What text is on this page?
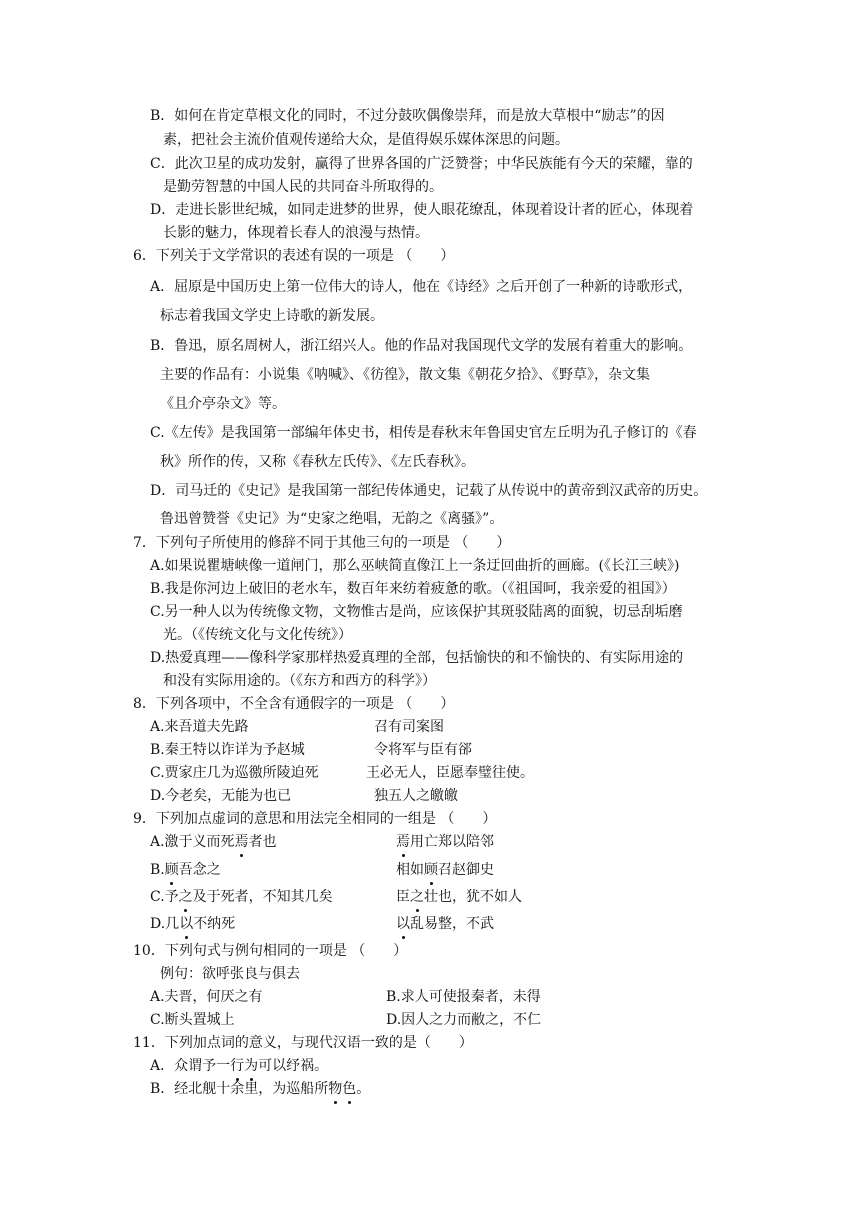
B．如何在肯定草根文化的同时，不过分鼓吹偶像崇拜，而是放大草根中“励志”的因
素，把社会主流价值观传递给大众，是值得娱乐媒体深思的问题。
C．此次卫星的成功发射，赢得了世界各国的广泛赞誉；中华民族能有今天的荣耀，靠的
是勤劳智慧的中国人民的共同奋斗所取得的。
D．走进长影世纪城，如同走进梦的世界，使人眼花缭乱，体现着设计者的匠心，体现着
长影的魅力，体现着长春人的浪漫与热情。
6．下列关于文学常识的表述有误的一项是 （　　）
A．屈原是中国历史上第一位伟大的诗人，他在《诗经》之后开创了一种新的诗歌形式，
标志着我国文学史上诗歌的新发展。
B．鲁迅，原名周树人，浙江绍兴人。他的作品对我国现代文学的发展有着重大的影响。
主要的作品有：小说集《呐喊》、《彷徨》，散文集《朝花夕拾》、《野草》，杂文集
《且介亭杂文》等。
C.《左传》是我国第一部编年体史书，相传是春秋末年鲁国史官左丘明为孔子修订的《春
秋》所作的传，又称《春秋左氏传》、《左氏春秋》。
D．司马迁的《史记》是我国第一部纪传体通史，记载了从传说中的黄帝到汉武帝的历史。
鲁迅曾赞誉《史记》为“史家之绝唱，无韵之《离骚》”。
7．下列句子所使用的修辞不同于其他三句的一项是 （　　）
A.如果说瞿塘峡像一道闸门，那么巫峡简直像江上一条迂回曲折的画廊。(《长江三峡》)
B.我是你河边上破旧的老水车，数百年来纺着疲惫的歌。（《祖国呵，我亲爱的祖国》）
C.另一种人以为传统像文物，文物惟古是尚，应该保护其斑驳陆离的面貌，切忌刮垢磨
光。（《传统文化与文化传统》）
D.热爱真理——像科学家那样热爱真理的全部，包括愉快的和不愉快的、有实际用途的
和没有实际用途的。（《东方和西方的科学》）
8．下列各项中，不全含有通假字的一项是 （　　）
A.来吾道夫先路	召有司案图
B.秦王特以诈详为予赵城	令将军与臣有郤
C.贾家庄几为巡徼所陵迫死	王必无人，臣愿奉璧往使。
D.今老矣，无能为也已	独五人之皦皦
9．下列加点虚词的意思和用法完全相同的一组是 （　　）
A.激于义而死焉者也	焉用亡郑以陪邻
B.顾吾念之	相如顾召赵御史
C.予之及于死者，不知其几矣	臣之壮也，犹不如人
D.几以不纳死	以乱易整，不武
10．下列句式与例句相同的一项是 （　　）
例句：欲呼张良与俱去
A.夫晋，何厌之有	B.求人可使报秦者，未得
C.断头置城上	D.因人之力而敝之，不仁
11．下列加点词的意义，与现代汉语一致的是（　　）
A．众谓予一行为可以纾祸。
B．经北舰十余里，为巡船所物色。
